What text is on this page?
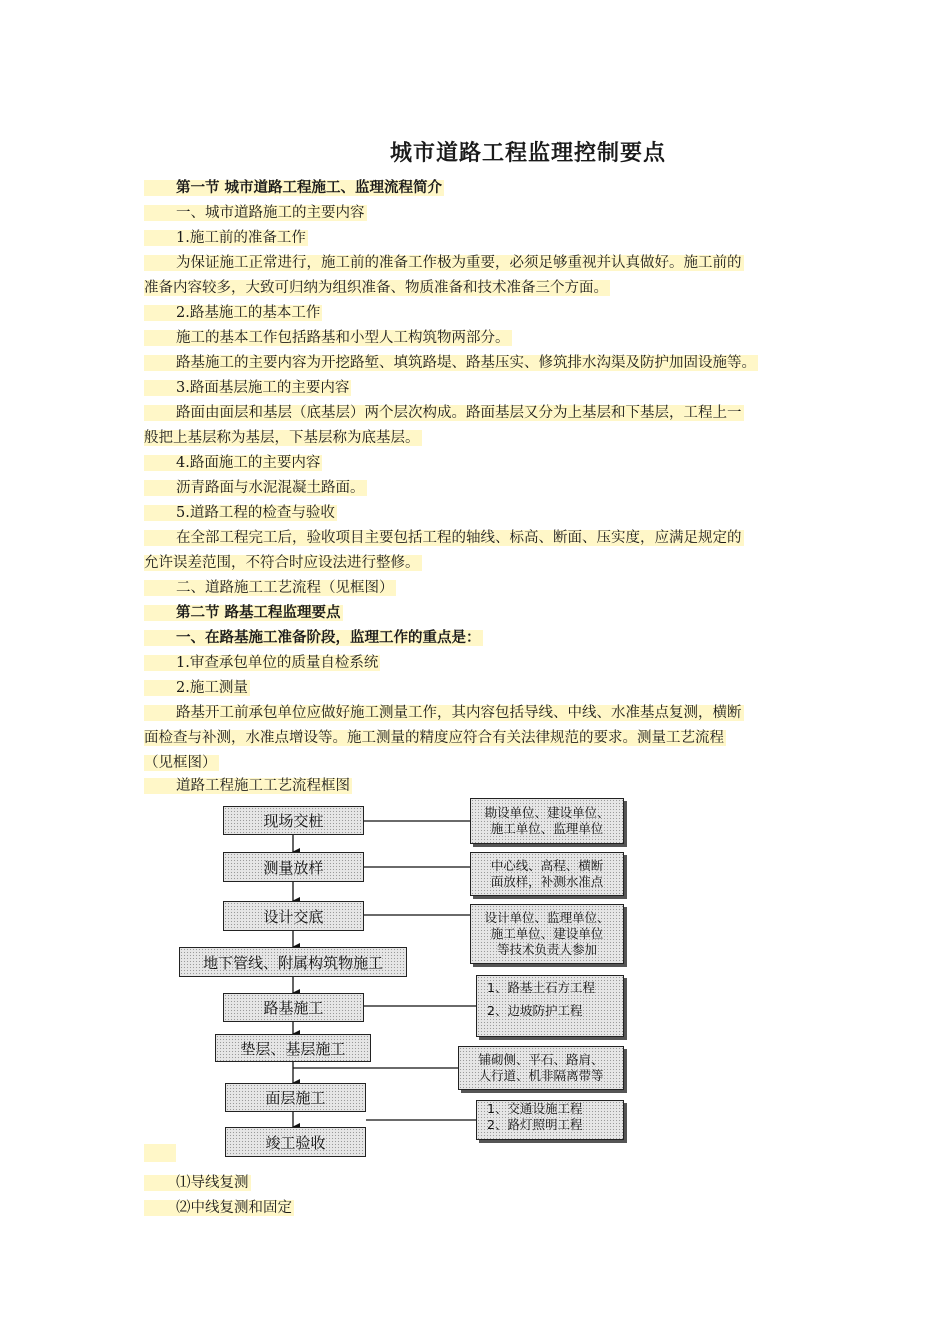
城市道路工程监理控制要点
第一节 城市道路工程施工、监理流程简介
一、城市道路施工的主要内容
1.施工前的准备工作
为保证施工正常进行，施工前的准备工作极为重要，必须足够重视并认真做好。施工前的
准备内容较多，大致可归纳为组织准备、物质准备和技术准备三个方面。
2.路基施工的基本工作
施工的基本工作包括路基和小型人工构筑物两部分。
路基施工的主要内容为开挖路堑、填筑路堤、路基压实、修筑排水沟渠及防护加固设施等。
3.路面基层施工的主要内容
路面由面层和基层（底基层）两个层次构成。路面基层又分为上基层和下基层，工程上一
般把上基层称为基层，下基层称为底基层。
4.路面施工的主要内容
沥青路面与水泥混凝土路面。
5.道路工程的检查与验收
在全部工程完工后，验收项目主要包括工程的轴线、标高、断面、压实度，应满足规定的
允许误差范围，不符合时应设法进行整修。
二、道路施工工艺流程（见框图）
第二节 路基工程监理要点
一、在路基施工准备阶段，监理工作的重点是：
1.审查承包单位的质量自检系统
2.施工测量
路基开工前承包单位应做好施工测量工作，其内容包括导线、中线、水准基点复测，横断
面检查与补测，水准点增设等。施工测量的精度应符合有关法律规范的要求。测量工艺流程
（见框图）
道路工程施工工艺流程框图
现场交桩
测量放样
设计交底
地下管线、附属构筑物施工
路基施工
垫层、基层施工
面层施工
竣工验收
勘设单位、建设单位、
施工单位、监理单位
中心线、高程、横断
面放样，补测水准点
设计单位、监理单位、
施工单位、建设单位
等技术负责人参加
1、路基土石方工程
2、边坡防护工程
铺砌侧、平石、路肩、
人行道、机非隔离带等
1、交通设施工程
2、路灯照明工程
⑴导线复测
⑵中线复测和固定
